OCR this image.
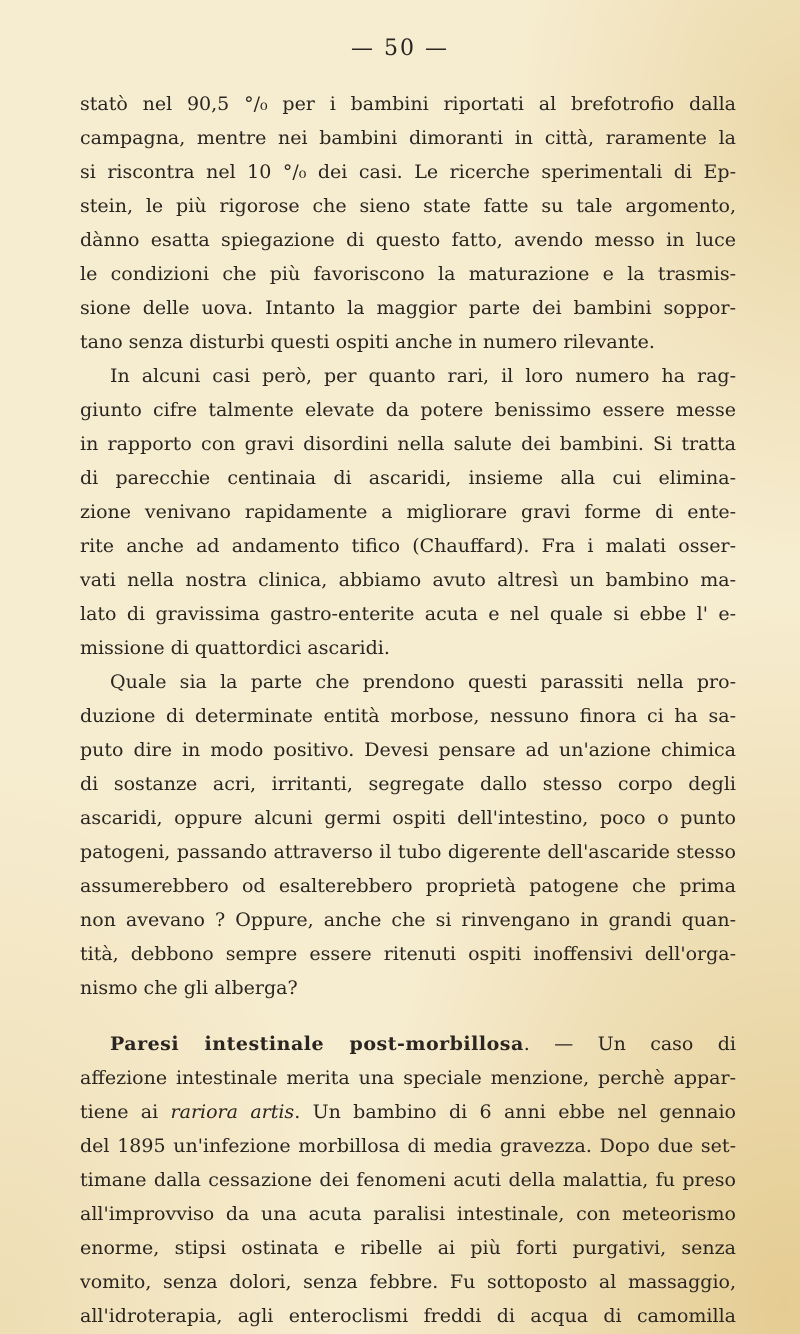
— 50 —
statò nel 90,5 °/₀ per i bambini riportati al brefotrofio dalla
campagna, mentre nei bambini dimoranti in città, raramente la
si riscontra nel 10 °/₀ dei casi. Le ricerche sperimentali di Ep-
stein, le più rigorose che sieno state fatte su tale argomento,
dànno esatta spiegazione di questo fatto, avendo messo in luce
le condizioni che più favoriscono la maturazione e la trasmis-
sione delle uova. Intanto la maggior parte dei bambini soppor-
tano senza disturbi questi ospiti anche in numero rilevante.
In alcuni casi però, per quanto rari, il loro numero ha rag-
giunto cifre talmente elevate da potere benissimo essere messe
in rapporto con gravi disordini nella salute dei bambini. Si tratta
di parecchie centinaia di ascaridi, insieme alla cui elimina-
zione venivano rapidamente a migliorare gravi forme di ente-
rite anche ad andamento tifico (Chauffard). Fra i malati osser-
vati nella nostra clinica, abbiamo avuto altresì un bambino ma-
lato di gravissima gastro-enterite acuta e nel quale si ebbe l' e-
missione di quattordici ascaridi.
Quale sia la parte che prendono questi parassiti nella pro-
duzione di determinate entità morbose, nessuno finora ci ha sa-
puto dire in modo positivo. Devesi pensare ad un'azione chimica
di sostanze acri, irritanti, segregate dallo stesso corpo degli
ascaridi, oppure alcuni germi ospiti dell'intestino, poco o punto
patogeni, passando attraverso il tubo digerente dell'ascaride stesso
assumerebbero od esalterebbero proprietà patogene che prima
non avevano ? Oppure, anche che si rinvengano in grandi quan-
tità, debbono sempre essere ritenuti ospiti inoffensivi dell'orga-
nismo che gli alberga?
Paresi intestinale post-morbillosa. — Un caso di
affezione intestinale merita una speciale menzione, perchè appar-
tiene ai rariora artis. Un bambino di 6 anni ebbe nel gennaio
del 1895 un'infezione morbillosa di media gravezza. Dopo due set-
timane dalla cessazione dei fenomeni acuti della malattia, fu preso
all'improvviso da una acuta paralisi intestinale, con meteorismo
enorme, stipsi ostinata e ribelle ai più forti purgativi, senza
vomito, senza dolori, senza febbre. Fu sottoposto al massaggio,
all'idroterapia, agli enteroclismi freddi di acqua di camomilla
